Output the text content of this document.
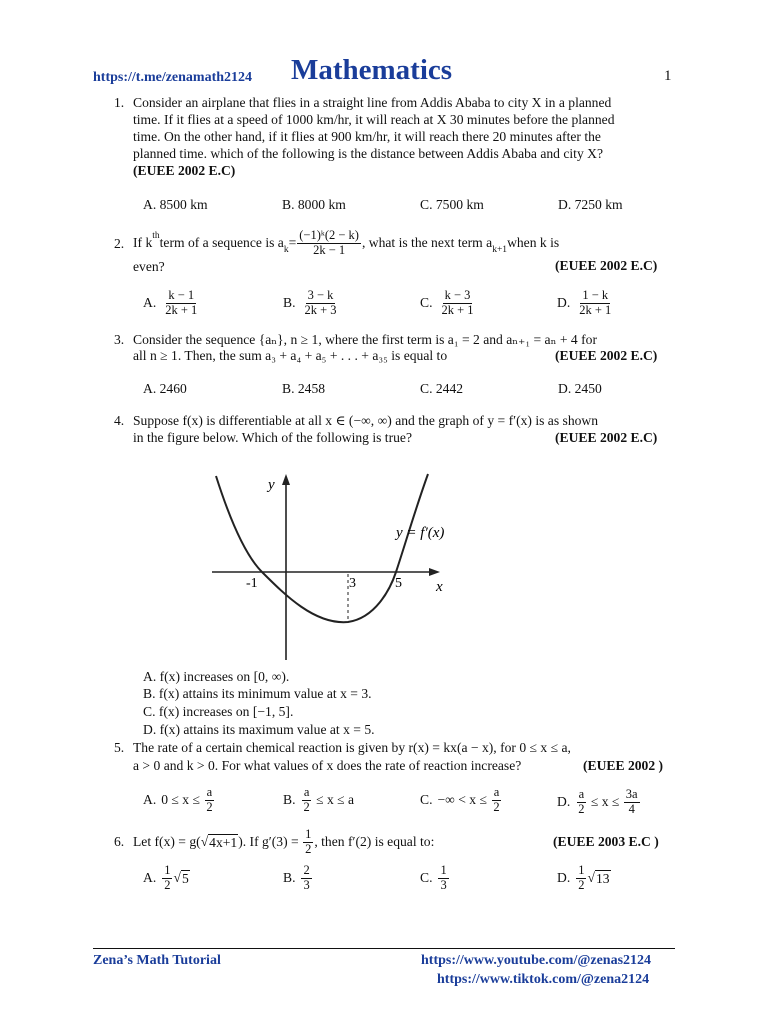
https://t.me/zenamath2124 Mathematics	1
1. Consider an airplane that flies in a straight line from Addis Ababa to city X in a planned
time. If it flies at a speed of 1000 km/hr, it will reach at X 30 minutes before the planned
time. On the other hand, if it flies at 900 km/hr, it will reach there 20 minutes after the
planned time. which of the following is the distance between Addis Ababa and city X?
(EUEE 2002 E.C)
A. 8500 km	B. 8000 km	C. 7500 km	D. 7250 km
2. If $k^{th}$ term of a sequence is $a_k = \frac{\text{(−1)ᵏ(2 − k)}}{2k - 1}$ , what is the next term $a_{k+1}$ when k is
even?	(EUEE 2002 E.C)
A. $\frac{k - 1}{2k + 1}$	B. $\frac{3 - k}{2k + 3}$	C. $\frac{k - 3}{2k + 1}$	D. $\frac{1 - k}{2k + 1}$
3. Consider the sequence {aₙ}, n ≥ 1, where the first term is a₁ = 2 and aₙ₊₁ = aₙ + 4 for
all n ≥ 1. Then, the sum a₃ + a₄ + a₅ + . . . + a₃₅ is equal to	(EUEE 2002 E.C)
A. 2460	B. 2458	C. 2442	D. 2450
4. Suppose f(x) is differentiable at all x ∈ (−∞, ∞) and the graph of y = f′(x) is as shown
in the figure below. Which of the following is true?	(EUEE 2002 E.C)
y
x
y = f′(x)
-1	3	5
A. f(x) increases on [0, ∞).
B. f(x) attains its minimum value at x = 3.
C. f(x) increases on [−1, 5].
D. f(x) attains its maximum value at x = 5.
5. The rate of a certain chemical reaction is given by r(x) = kx(a − x), for 0 ≤ x ≤ a,
a > 0 and k > 0. For what values of x does the rate of reaction increase?	(EUEE 2002 )
A. $0 \le x \le \frac{a}{2}$	B. $\frac{a}{2} \le x \le a$	C. −∞ < $x \le \frac{a}{2}$	D. $\frac{a}{2} \le x \le \frac{3a}{4}$
6. Let f(x) = g( √ 4x+1 ). If $g'(3) = \frac{1}{2}$ , then f′(2) is equal to:	(EUEE 2003 E.C )
A. $\frac{1}{2}$ √ 5	B. $\frac{2}{3}$	C. $\frac{1}{3}$	D. $\frac{1}{2}$ √ 13
Zena’s Math Tutorial	https://www.youtube.com/@zenas2124
https://www.tiktok.com/@zena2124
